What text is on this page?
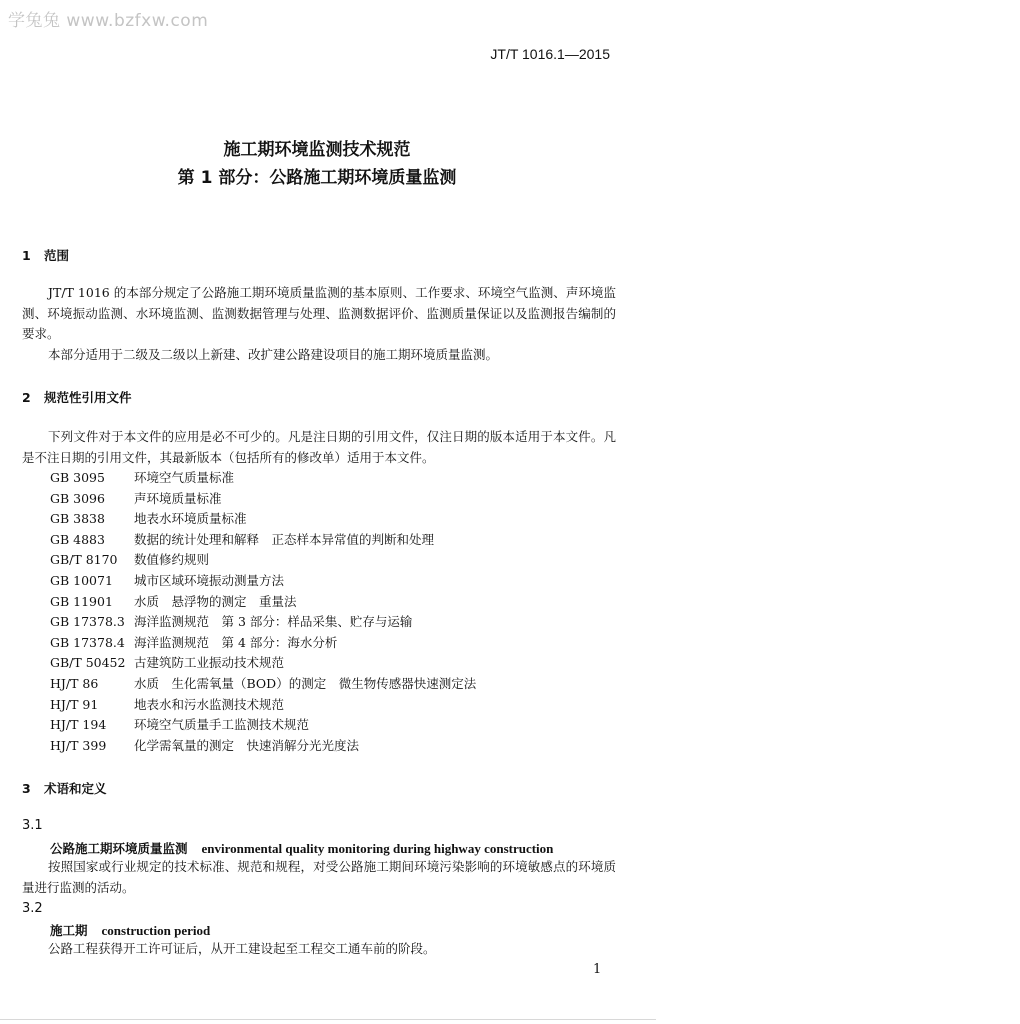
学兔兔 www.bzfxw.com
JT/T 1016.1—2015
施工期环境监测技术规范
第 1 部分：公路施工期环境质量监测
1 范围
JT/T 1016 的本部分规定了公路施工期环境质量监测的基本原则、工作要求、环境空气监测、声环境监测、环境振动监测、水环境监测、监测数据管理与处理、监测数据评价、监测质量保证以及监测报告编制的要求。
本部分适用于二级及二级以上新建、改扩建公路建设项目的施工期环境质量监测。
2 规范性引用文件
下列文件对于本文件的应用是必不可少的。凡是注日期的引用文件，仅注日期的版本适用于本文件。凡是不注日期的引用文件，其最新版本（包括所有的修改单）适用于本文件。
GB 3095 环境空气质量标准
GB 3096 声环境质量标准
GB 3838 地表水环境质量标准
GB 4883 数据的统计处理和解释　正态样本异常值的判断和处理
GB/T 8170 数值修约规则
GB 10071 城市区域环境振动测量方法
GB 11901 水质　悬浮物的测定　重量法
GB 17378.3 海洋监测规范　第 3 部分：样品采集、贮存与运输
GB 17378.4 海洋监测规范　第 4 部分：海水分析
GB/T 50452 古建筑防工业振动技术规范
HJ/T 86	水质　生化需氧量（BOD）的测定　微生物传感器快速测定法
HJ/T 91	地表水和污水监测技术规范
HJ/T 194 环境空气质量手工监测技术规范
HJ/T 399 化学需氧量的测定　快速消解分光光度法
3 术语和定义
3.1
公路施工期环境质量监测 environmental quality monitoring during highway construction
按照国家或行业规定的技术标准、规范和规程，对受公路施工期间环境污染影响的环境敏感点的环境质量进行监测的活动。
3.2
施工期 construction period
公路工程获得开工许可证后，从开工建设起至工程交工通车前的阶段。
1
